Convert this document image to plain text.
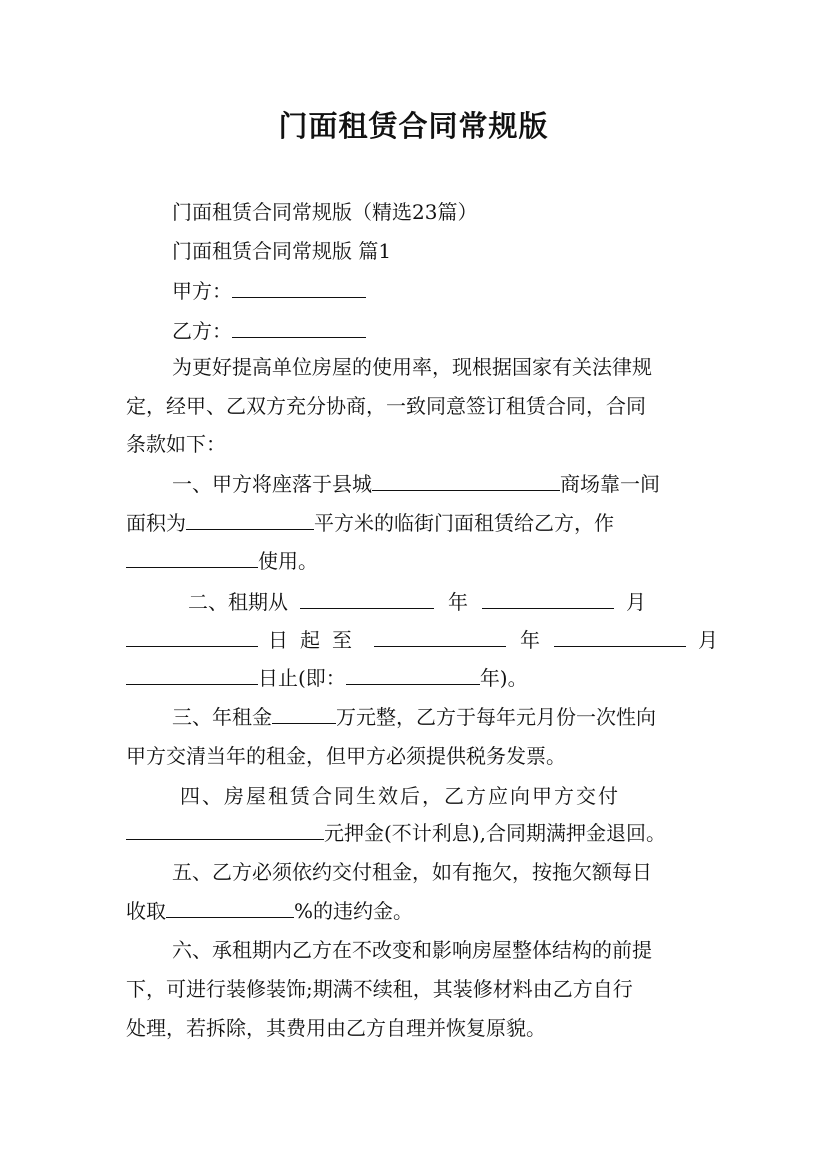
门面租赁合同常规版
门面租赁合同常规版（精选23篇）
门面租赁合同常规版 篇1
甲方：
乙方：
为更好提高单位房屋的使用率，现根据国家有关法律规
定，经甲、乙双方充分协商，一致同意签订租赁合同，合同
条款如下：
一、甲方将座落于县城	商场靠一间
面积为	平方米的临街门面租赁给乙方，作
使用。
二、租期从	年	月
日起至	年	月
日止(即：	年)。
三、年租金	万元整，乙方于每年元月份一次性向
甲方交清当年的租金，但甲方必须提供税务发票。
四、房屋租赁合同生效后，乙方应向甲方交付
元押金(不计利息),合同期满押金退回。
五、乙方必须依约交付租金，如有拖欠，按拖欠额每日
收取	%的违约金。
六、承租期内乙方在不改变和影响房屋整体结构的前提
下，可进行装修装饰;期满不续租，其装修材料由乙方自行
处理，若拆除，其费用由乙方自理并恢复原貌。
